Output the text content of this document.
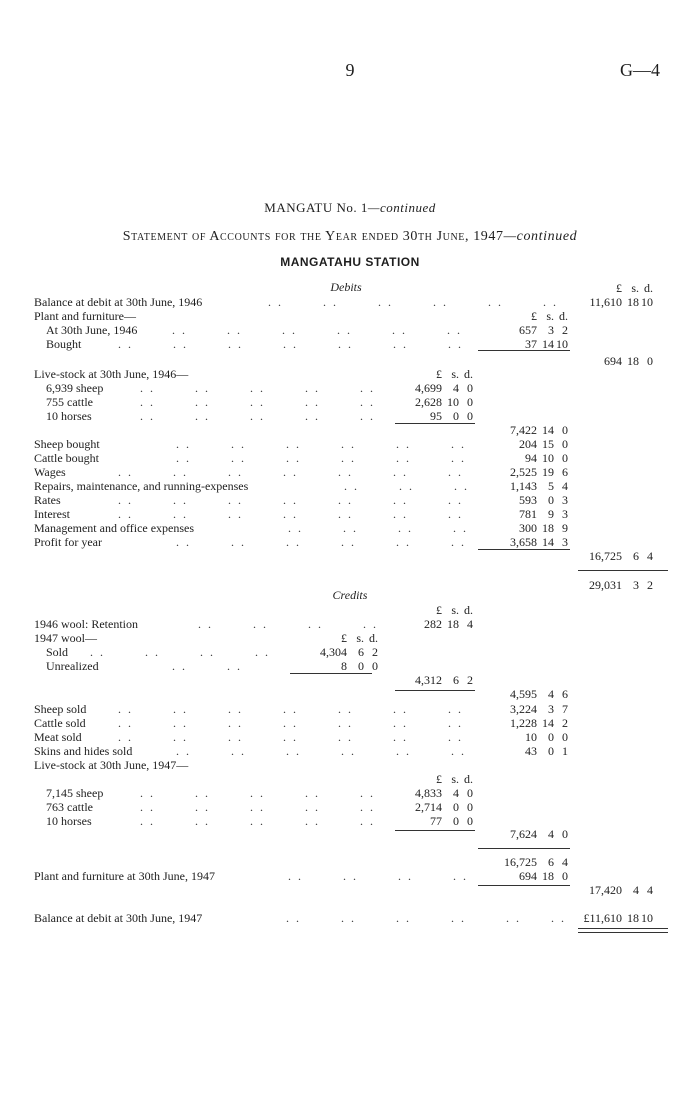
9	G—4
MANGATU No. 1—continued
Statement of Accounts for the Year ended 30th June, 1947—continued
MANGATAHU STATION
Debits	£ s. d.
Balance at debit at 30th June, 1946	. .        . .        . .        . .        . .        . .	11,610 18 10
Plant and furniture—	£ s. d.
At 30th June, 1946	. .        . .        . .        . .        . .        . .	657 3 2
Bought	. .        . .        . .        . .        . .        . .        . .	37 14 10
694 18 0
Live-stock at 30th June, 1946—	£ s. d.
6,939 sheep	. .        . .        . .        . .        . .	4,699 4 0
755 cattle	. .        . .        . .        . .        . .	2,628 10 0
10 horses	. .        . .        . .        . .        . .	95 0 0
7,422 14 0
Sheep bought	. .        . .        . .        . .        . .        . .	204 15 0
Cattle bought	. .        . .        . .        . .        . .        . .	94 10 0
Wages	. .        . .        . .        . .        . .        . .        . .	2,525 19 6
Repairs, maintenance, and running-expenses	. .        . .        . .	1,143 5 4
Rates	. .        . .        . .        . .        . .        . .        . .	593 0 3
Interest	. .        . .        . .        . .        . .        . .        . .	781 9 3
Management and office expenses	. .        . .        . .        . .	300 18 9
Profit for year	. .        . .        . .        . .        . .        . .	3,658 14 3
16,725 6 4
29,031 3 2
Credits
£ s. d.
1946 wool: Retention	. .        . .        . .        . .	282 18 4
1947 wool—	£ s. d.
Sold . .        . .        . .        . .	4,304 6 2
Unrealized	. .        . .	8 0 0
4,312 6 2
4,595 4 6
Sheep sold	. .        . .        . .        . .        . .        . .        . .	3,224 3 7
Cattle sold	. .        . .        . .        . .        . .        . .        . .	1,228 14 2
Meat sold	. .        . .        . .        . .        . .        . .        . .	10 0 0
Skins and hides sold	. .        . .        . .        . .        . .        . .	43 0 1
Live-stock at 30th June, 1947—
£ s. d.
7,145 sheep	. .        . .        . .        . .        . .	4,833 4 0
763 cattle	. .        . .        . .        . .        . .	2,714 0 0
10 horses	. .        . .        . .        . .        . .	77 0 0
7,624 4 0
16,725 6 4
Plant and furniture at 30th June, 1947	. .        . .        . .        . .	694 18 0
17,420 4 4
Balance at debit at 30th June, 1947	. .        . .        . .        . .        . .      . .	£11,610 18 10
